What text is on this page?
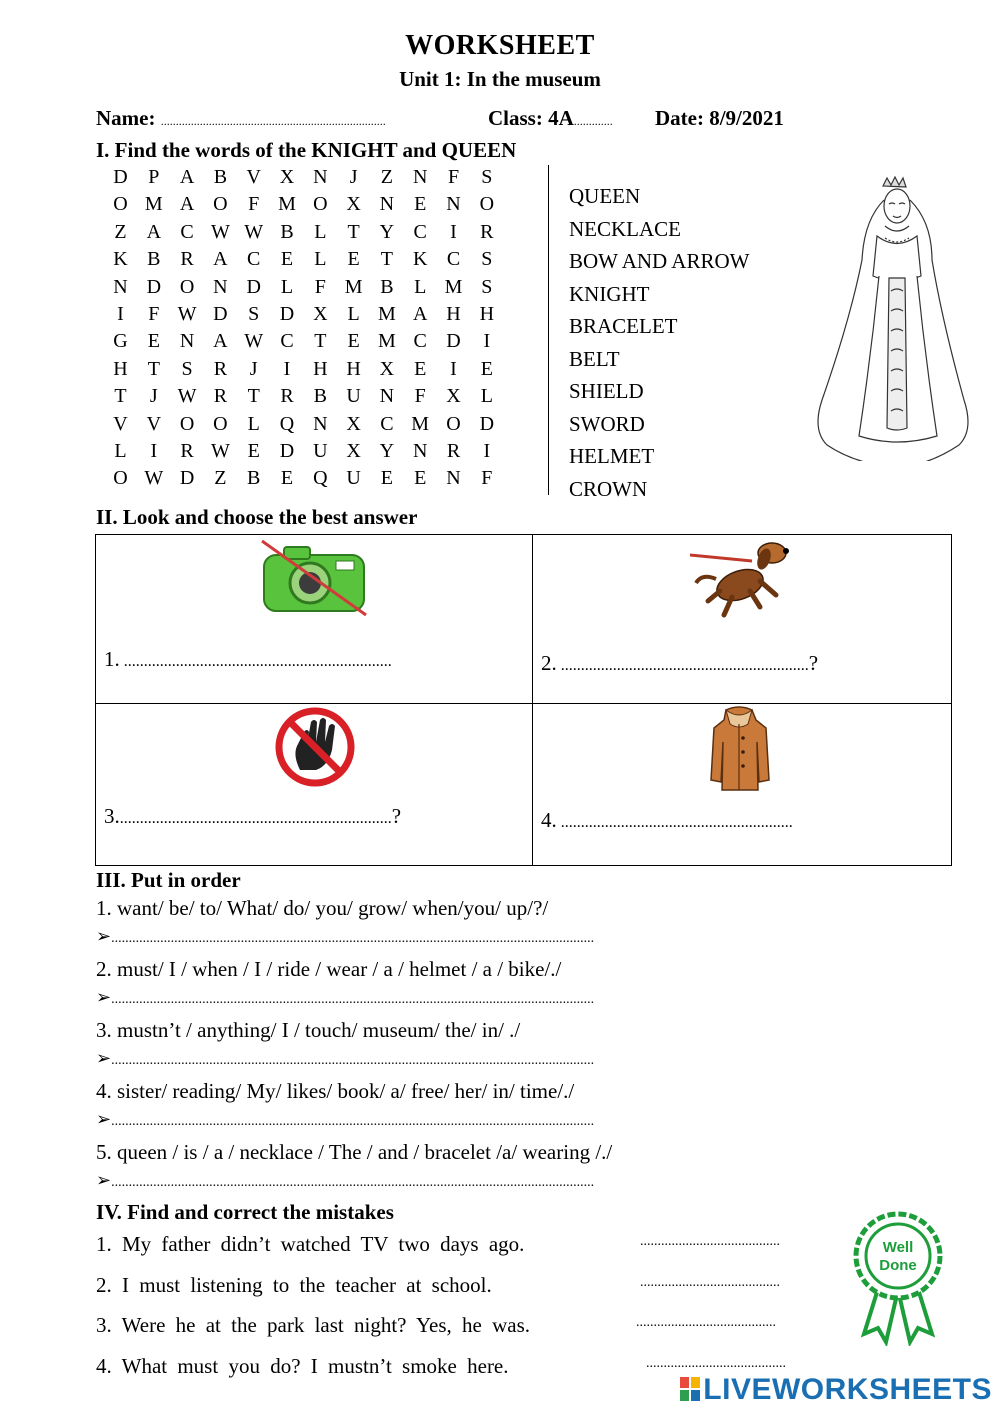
WORKSHEET
Unit 1: In the museum
Name: ...........................................................................	Class: 4A............. Date: 8/9/2021
I. Find the words of the KNIGHT and QUEEN
D	P	A B V X N	J	Z N	F	S
O M A O	F M O X N E N O
Z A C W W B	L	T Y C	I	R
K B R A C	E	L	E	T K C	S
N D O N D L	F M B	L M S
I	F W D	S	D X L M A H H
G E N A W C	T	E M C D	I
H T	S	R	J	I	H H X E	I	E
T	J W R	T	R B U N	F	X L
V V O O L Q N X C M O D
L	I	R W E D U X Y N R	I
O W D Z	B	E Q U E	E N	F
QUEEN
NECKLACE
BOW AND ARROW
KNIGHT
BRACELET
BELT
SHIELD
SWORD
HELMET
CROWN
II. Look and choose the best answer
1. ...................................................................	2. ..............................................................?
3.....................................................................?	4. ..........................................................
III. Put in order
1. want/ be/ to/ What/ do/ you/ grow/ when/you/ up/?/
➢..........................................................................................................................................
2. must/ I / when / I / ride / wear / a / helmet / a / bike/./
➢..........................................................................................................................................
3. mustn’t / anything/ I / touch/ museum/ the/ in/ ./
➢..........................................................................................................................................
4. sister/ reading/ My/ likes/ book/ a/ free/ her/ in/ time/./
➢..........................................................................................................................................
5. queen / is / a / necklace / The / and / bracelet /a/ wearing /./
➢..........................................................................................................................................
IV. Find and correct the mistakes
1. My father didn’t watched TV two days ago.	........................................
2. I must listening to the teacher at school.	........................................
3. Were he at the park last night? Yes, he was.	........................................
4. What must you do? I mustn’t smoke here.	........................................
Well
Done
LIVEWORKSHEETS
